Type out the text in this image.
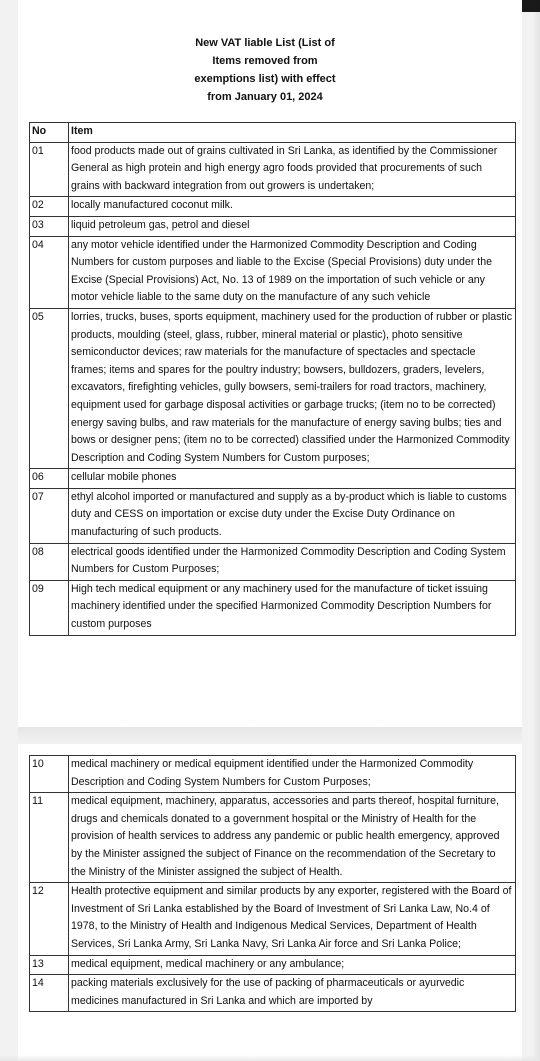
New VAT liable List (List of
Items removed from
exemptions list) with effect
from January 01, 2024
No	Item
01	food products made out of grains cultivated in Sri Lanka, as identified by the Commissioner General as high protein and high energy agro foods provided that procurements of such grains with backward integration from out growers is undertaken;
02	locally manufactured coconut milk.
03	liquid petroleum gas, petrol and diesel
04	any motor vehicle identified under the Harmonized Commodity Description and Coding Numbers for custom purposes and liable to the Excise (Special Provisions) duty under the Excise (Special Provisions) Act, No. 13 of 1989 on the importation of such vehicle or any motor vehicle liable to the same duty on the manufacture of any such vehicle
05	lorries, trucks, buses, sports equipment, machinery used for the production of rubber or plastic products, moulding (steel, glass, rubber, mineral material or plastic), photo sensitive semiconductor devices; raw materials for the manufacture of spectacles and spectacle frames; items and spares for the poultry industry; bowsers, bulldozers, graders, levelers, excavators, firefighting vehicles, gully bowsers, semi-trailers for road tractors, machinery, equipment used for garbage disposal activities or garbage trucks; (item no to be corrected) energy saving bulbs, and raw materials for the manufacture of energy saving bulbs; ties and bows or designer pens; (item no to be corrected) classified under the Harmonized Commodity Description and Coding System Numbers for Custom purposes;
06	cellular mobile phones
07	ethyl alcohol imported or manufactured and supply as a by-product which is liable to customs duty and CESS on importation or excise duty under the Excise Duty Ordinance on manufacturing of such products.
08	electrical goods identified under the Harmonized Commodity Description and Coding System Numbers for Custom Purposes;
09	High tech medical equipment or any machinery used for the manufacture of ticket issuing machinery identified under the specified Harmonized Commodity Description Numbers for custom purposes
10	medical machinery or medical equipment identified under the Harmonized Commodity Description and Coding System Numbers for Custom Purposes;
11	medical equipment, machinery, apparatus, accessories and parts thereof, hospital furniture, drugs and chemicals donated to a government hospital or the Ministry of Health for the provision of health services to address any pandemic or public health emergency, approved by the Minister assigned the subject of Finance on the recommendation of the Secretary to the Ministry of the Minister assigned the subject of Health.
12	Health protective equipment and similar products by any exporter, registered with the Board of Investment of Sri Lanka established by the Board of Investment of Sri Lanka Law, No.4 of 1978, to the Ministry of Health and Indigenous Medical Services, Department of Health Services, Sri Lanka Army, Sri Lanka Navy, Sri Lanka Air force and Sri Lanka Police;
13	medical equipment, medical machinery or any ambulance;
14	packing materials exclusively for the use of packing of pharmaceuticals or ayurvedic medicines manufactured in Sri Lanka and which are imported by
